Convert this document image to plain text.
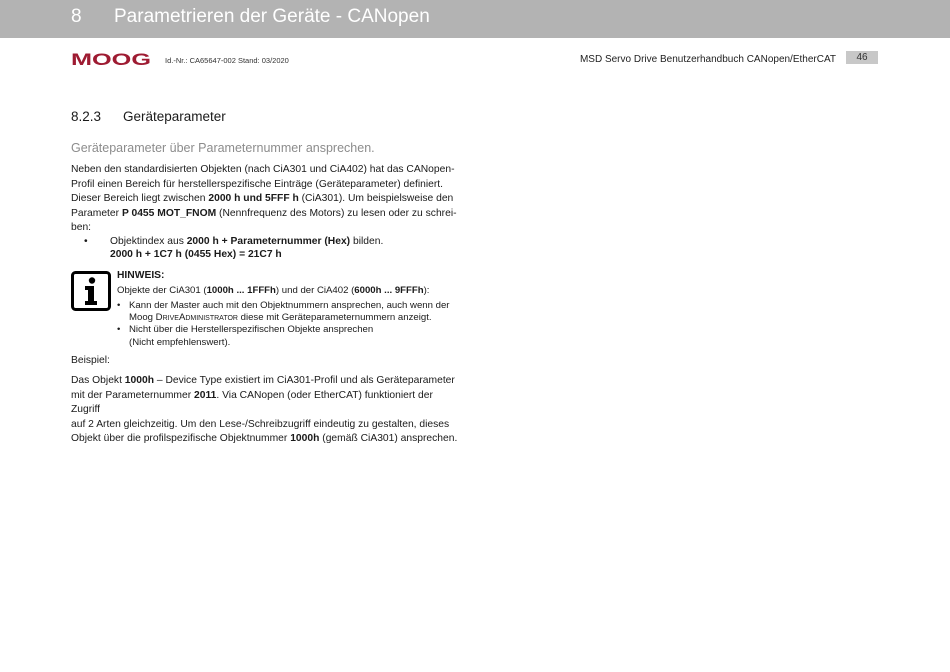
8 Parametrieren der Geräte - CANopen
MOOG Id.-Nr.: CA65647-002 Stand: 03/2020	MSD Servo Drive Benutzerhandbuch CANopen/EtherCAT	46
8.2.3 Geräteparameter
Geräteparameter über Parameternummer ansprechen.
Neben den standardisierten Objekten (nach CiA301 und CiA402) hat das CANopen-
Profil einen Bereich für herstellerspezifische Einträge (Geräteparameter) definiert.
Dieser Bereich liegt zwischen 2000 h und 5FFF h (CiA301). Um beispielsweise den
Parameter P 0455 MOT_FNOM (Nennfrequenz des Motors) zu lesen oder zu schrei-
ben:
• Objektindex aus 2000 h + Parameternummer (Hex) bilden.
2000 h + 1C7 h (0455 Hex) = 21C7 h
HINWEIS:
Objekte der CiA301 (1000h ... 1FFFh) und der CiA402 (6000h ... 9FFFh):
• Kann der Master auch mit den Objektnummern ansprechen, auch wenn der
Moog DriveAdministrator diese mit Geräteparameternummern anzeigt.
• Nicht über die Herstellerspezifischen Objekte ansprechen
(Nicht empfehlenswert).
Beispiel:
Das Objekt 1000h – Device Type existiert im CiA301-Profil und als Geräteparameter
mit der Parameternummer 2011. Via CANopen (oder EtherCAT) funktioniert der Zugriff
auf 2 Arten gleichzeitig. Um den Lese-/Schreibzugriff eindeutig zu gestalten, dieses
Objekt über die profilspezifische Objektnummer 1000h (gemäß CiA301) ansprechen.
